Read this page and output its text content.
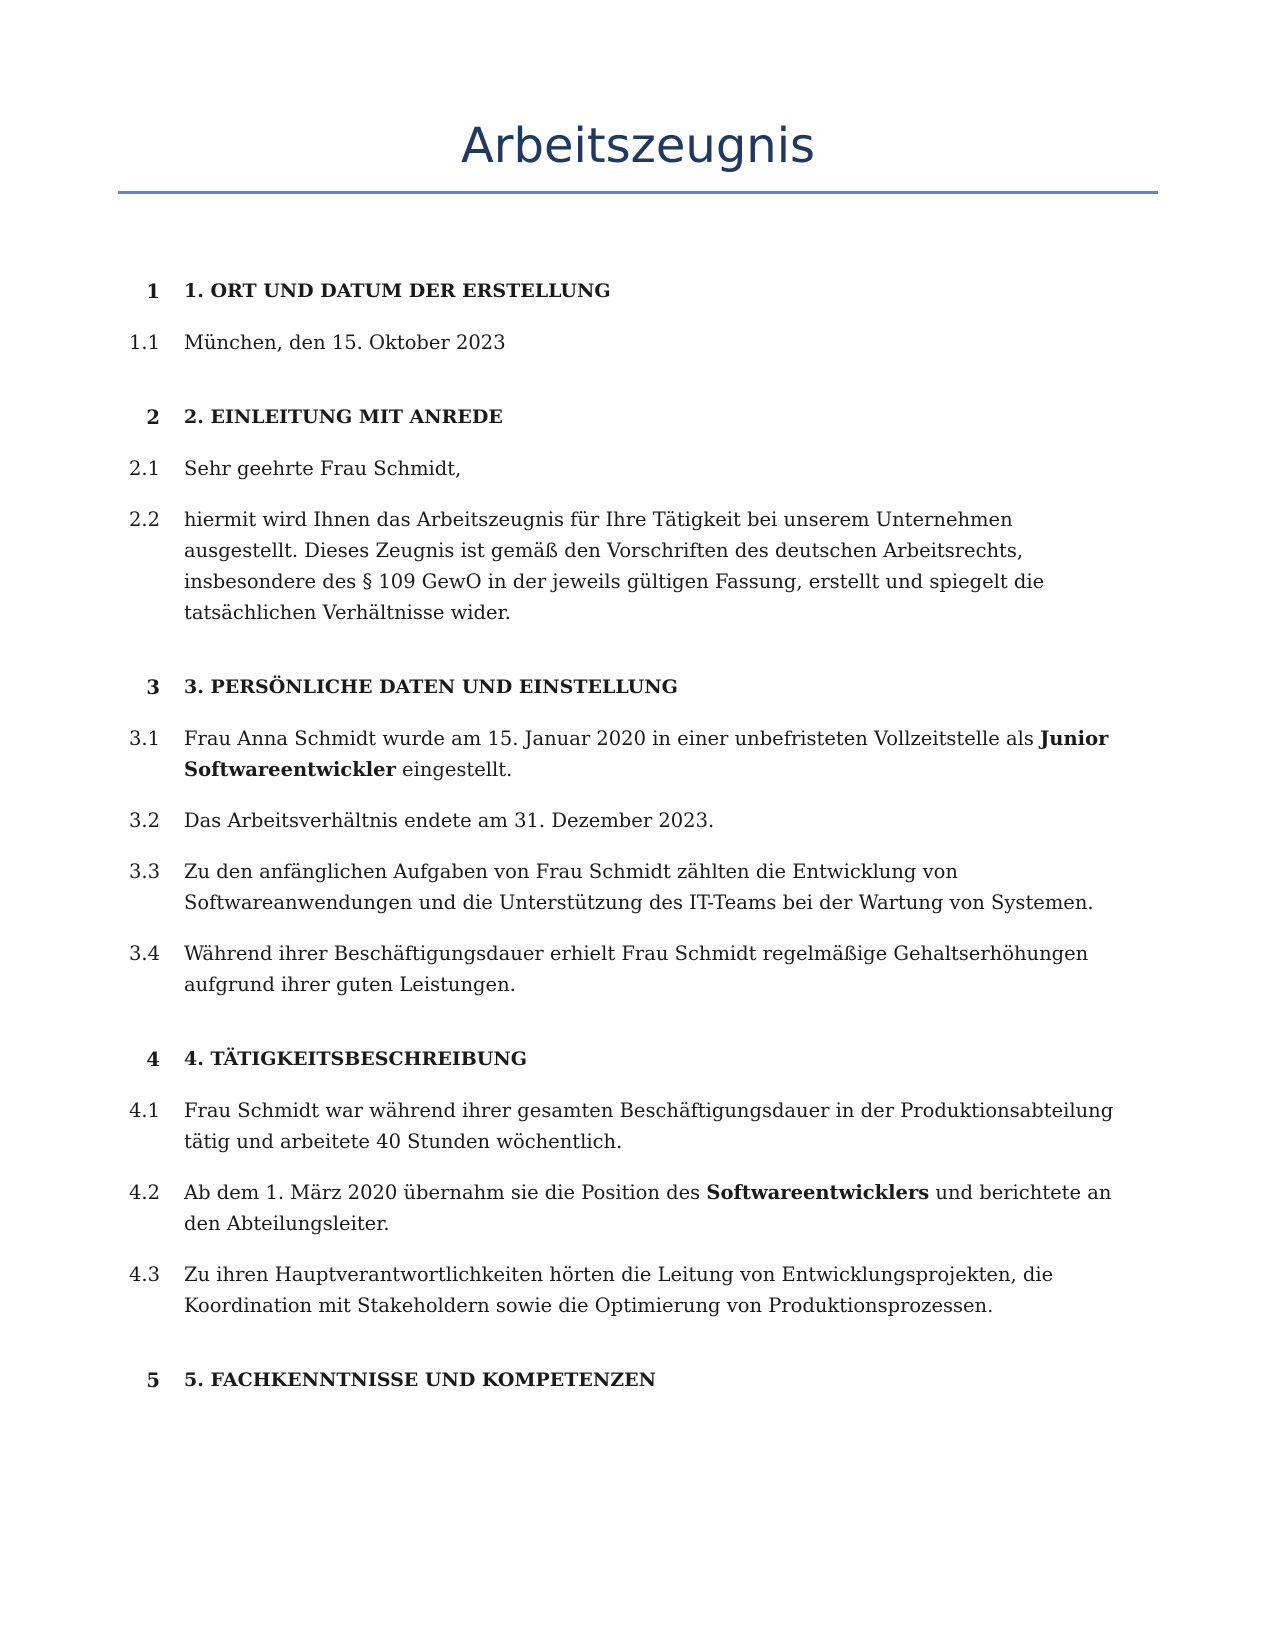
Arbeitszeugnis
1	1. ORT UND DATUM DER ERSTELLUNG
1.1	München, den 15. Oktober 2023
2	2. EINLEITUNG MIT ANREDE
2.1	Sehr geehrte Frau Schmidt,
2.2	hiermit wird Ihnen das Arbeitszeugnis für Ihre Tätigkeit bei unserem Unternehmen ausgestellt. Dieses Zeugnis ist gemäß den Vorschriften des deutschen Arbeitsrechts, insbesondere des § 109 GewO in der jeweils gültigen Fassung, erstellt und spiegelt die tatsächlichen Verhältnisse wider.
3	3. PERSÖNLICHE DATEN UND EINSTELLUNG
3.1	Frau Anna Schmidt wurde am 15. Januar 2020 in einer unbefristeten Vollzeitstelle als Junior Softwareentwickler eingestellt.
3.2	Das Arbeitsverhältnis endete am 31. Dezember 2023.
3.3	Zu den anfänglichen Aufgaben von Frau Schmidt zählten die Entwicklung von Softwareanwendungen und die Unterstützung des IT-Teams bei der Wartung von Systemen.
3.4	Während ihrer Beschäftigungsdauer erhielt Frau Schmidt regelmäßige Gehaltserhöhungen aufgrund ihrer guten Leistungen.
4	4. TÄTIGKEITSBESCHREIBUNG
4.1	Frau Schmidt war während ihrer gesamten Beschäftigungsdauer in der Produktionsabteilung tätig und arbeitete 40 Stunden wöchentlich.
4.2	Ab dem 1. März 2020 übernahm sie die Position des Softwareentwicklers und berichtete an den Abteilungsleiter.
4.3	Zu ihren Hauptverantwortlichkeiten hörten die Leitung von Entwicklungsprojekten, die Koordination mit Stakeholdern sowie die Optimierung von Produktionsprozessen.
5	5. FACHKENNTNISSE UND KOMPETENZEN
